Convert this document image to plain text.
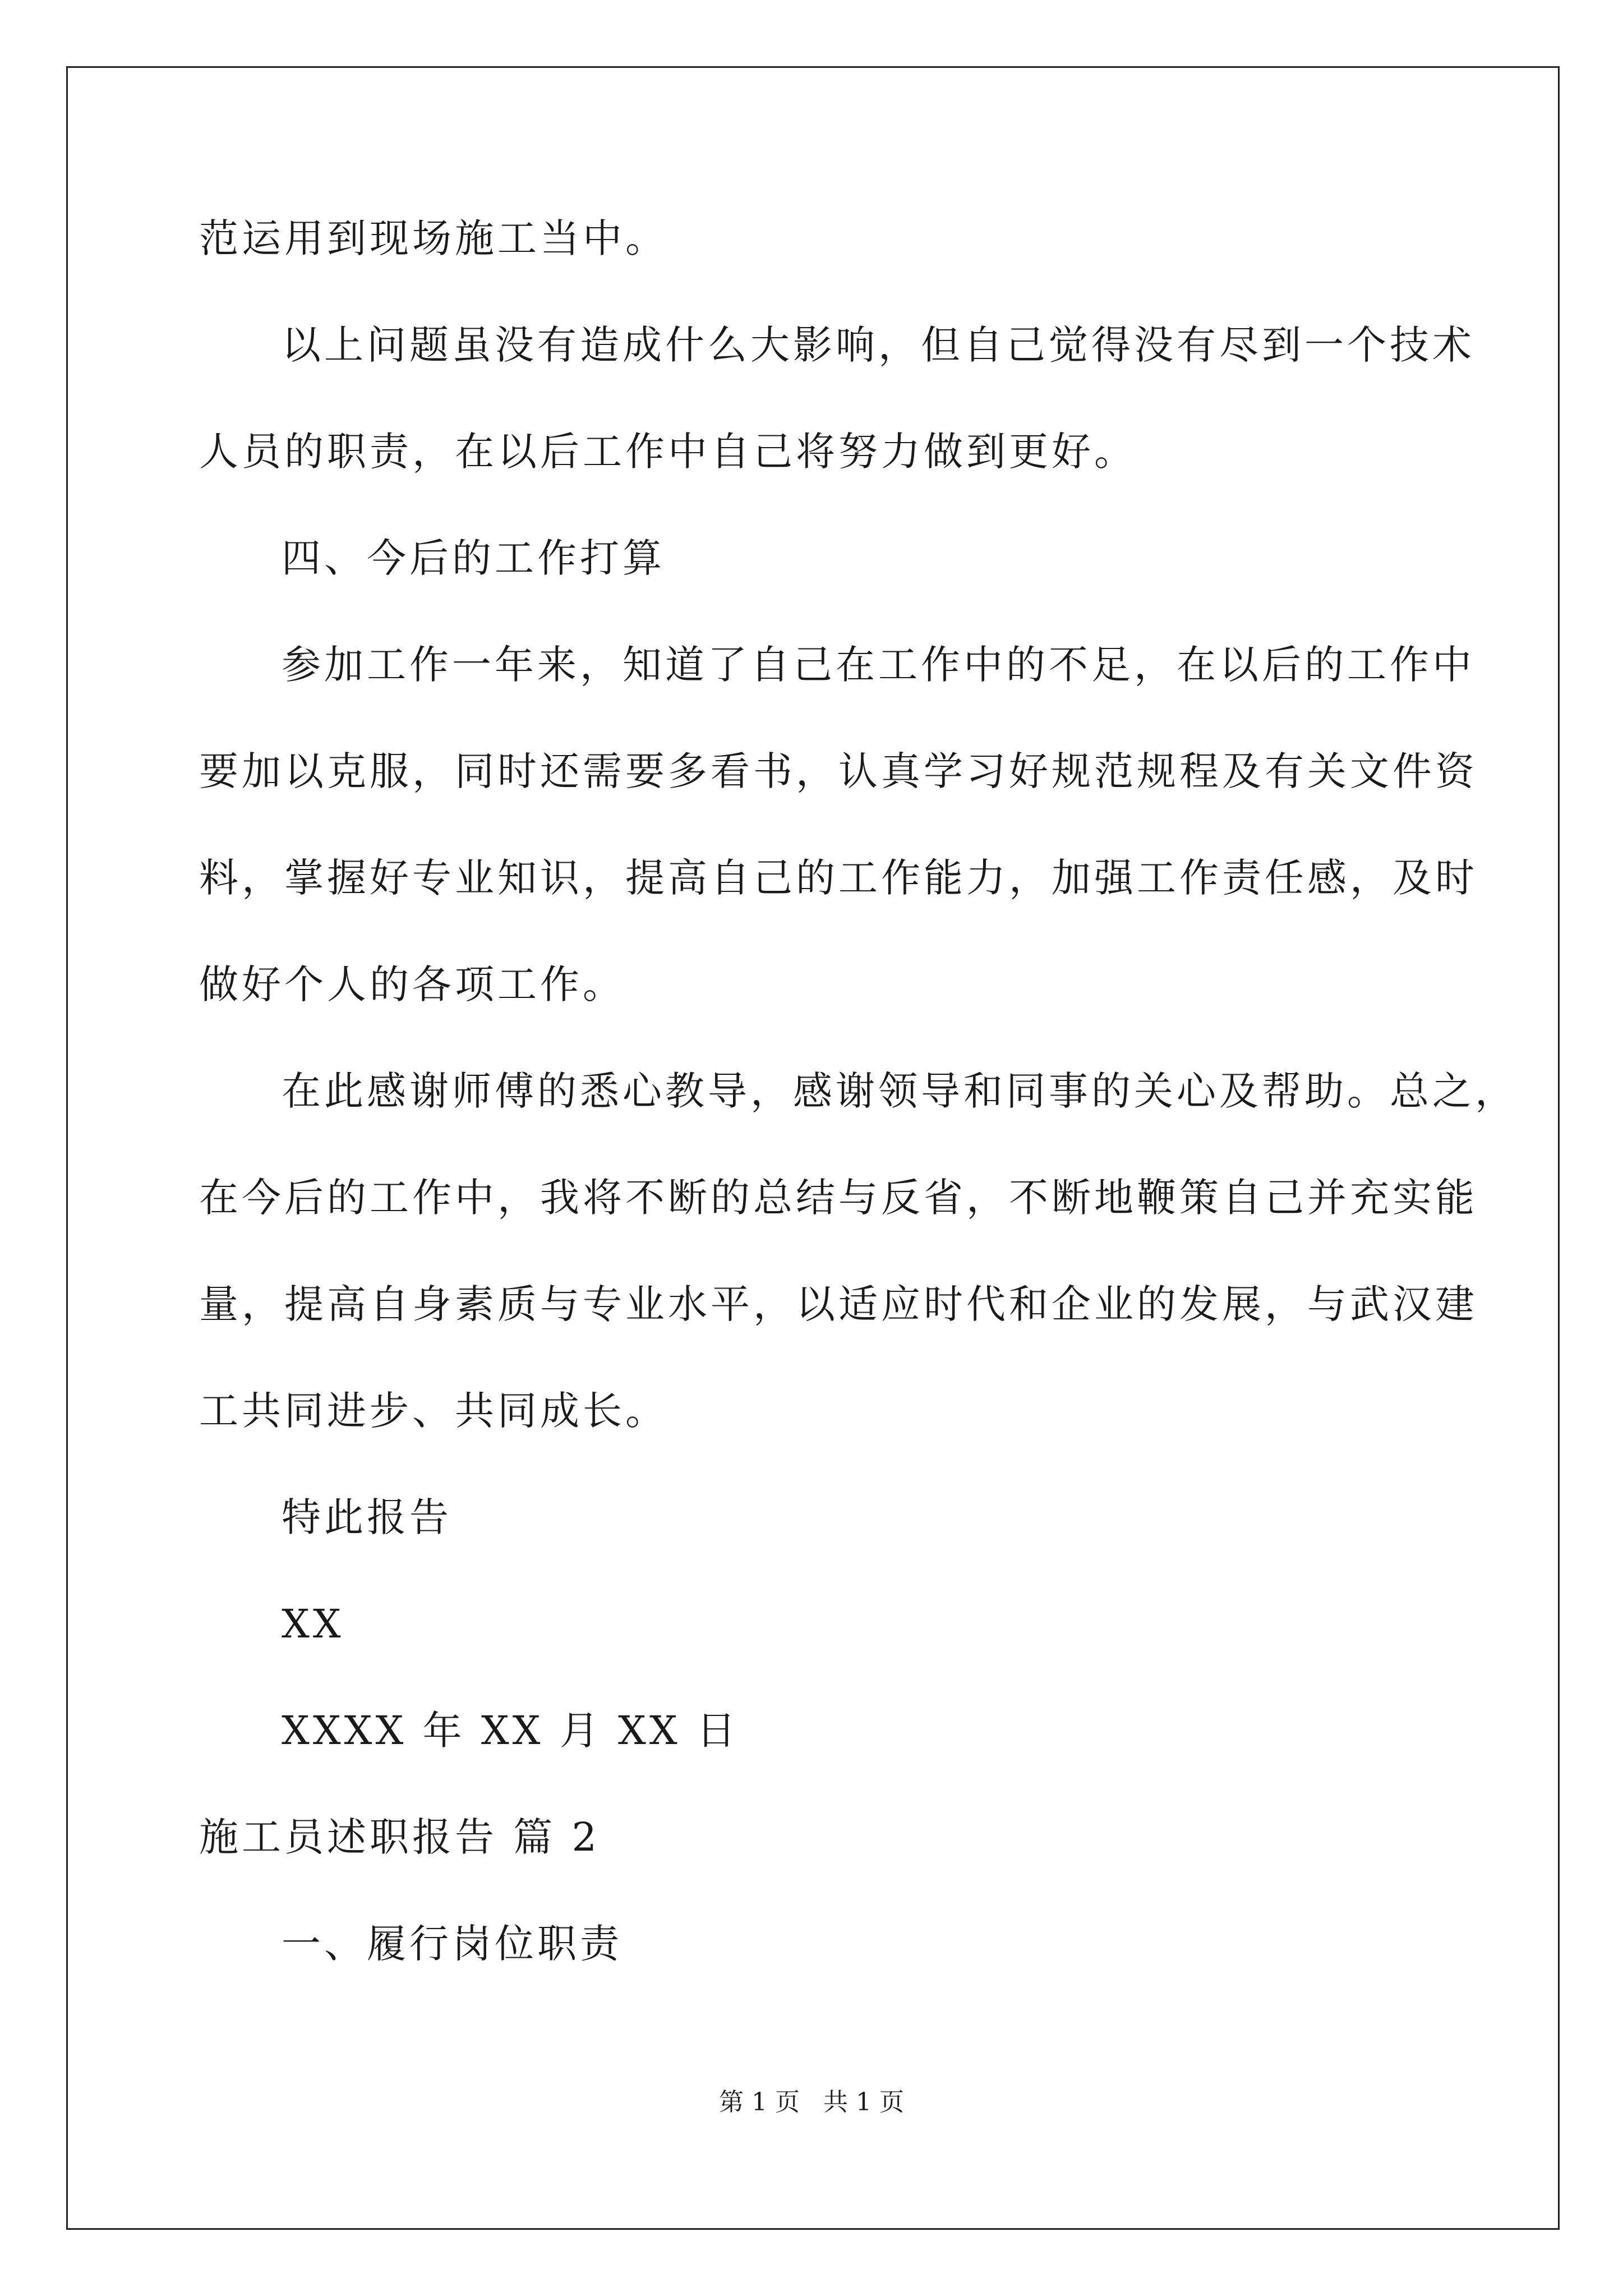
范运用到现场施工当中。
以上问题虽没有造成什么大影响，但自己觉得没有尽到一个技术
人员的职责，在以后工作中自己将努力做到更好。
四、今后的工作打算
参加工作一年来，知道了自己在工作中的不足，在以后的工作中
要加以克服，同时还需要多看书，认真学习好规范规程及有关文件资
料，掌握好专业知识，提高自己的工作能力，加强工作责任感，及时
做好个人的各项工作。
在此感谢师傅的悉心教导，感谢领导和同事的关心及帮助。总之，
在今后的工作中，我将不断的总结与反省，不断地鞭策自己并充实能
量，提高自身素质与专业水平，以适应时代和企业的发展，与武汉建
工共同进步、共同成长。
特此报告
XX
XXXX 年 XX 月 XX 日
施工员述职报告 篇 2
一、履行岗位职责
第 1 页   共 1 页
